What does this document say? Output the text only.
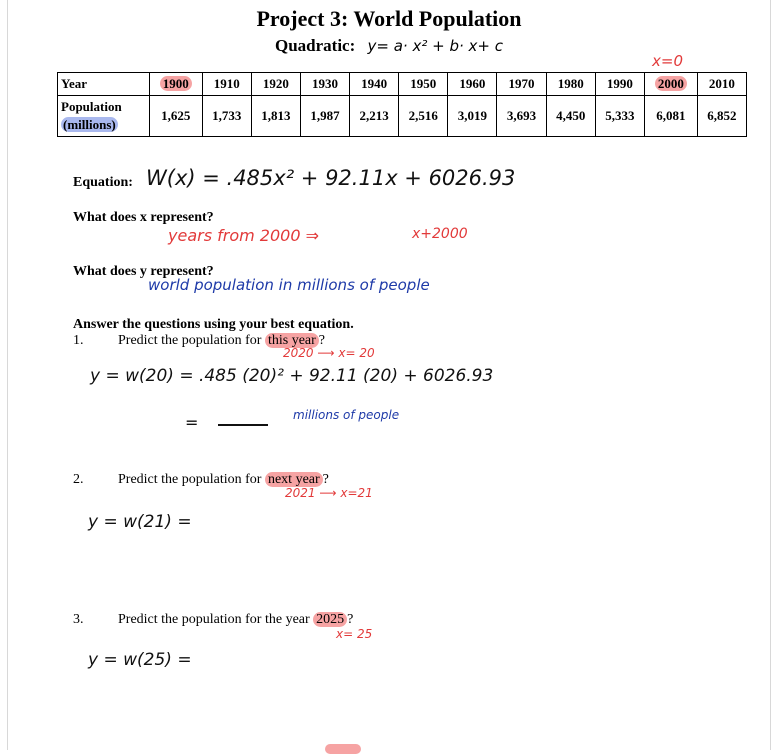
Project 3: World Population
Quadratic: y= a· x² + b· x+ c
x=0
Year	1900	1910	1920	1930	1940	1950	1960	1970	1980	1990	2000	2010

Population
(millions)	1,625	1,733	1,813	1,987	2,213	2,516	3,019	3,693	4,450	5,333	6,081	6,852
Equation: W(x) = .485x² + 92.11x + 6026.93
What does x represent?
years from 2000 ⇒	x+2000
What does y represent?
world population in millions of people
Answer the questions using your best equation.
1. Predict the population for this year ?
2020 ⟶ x= 20
y = w(20) = .485 (20)² + 92.11 (20) + 6026.93
=	millions of people
2. Predict the population for next year ?
2021 ⟶ x=21
y = w(21) =
3. Predict the population for the year 2025 ?
x= 25
y = w(25) =
